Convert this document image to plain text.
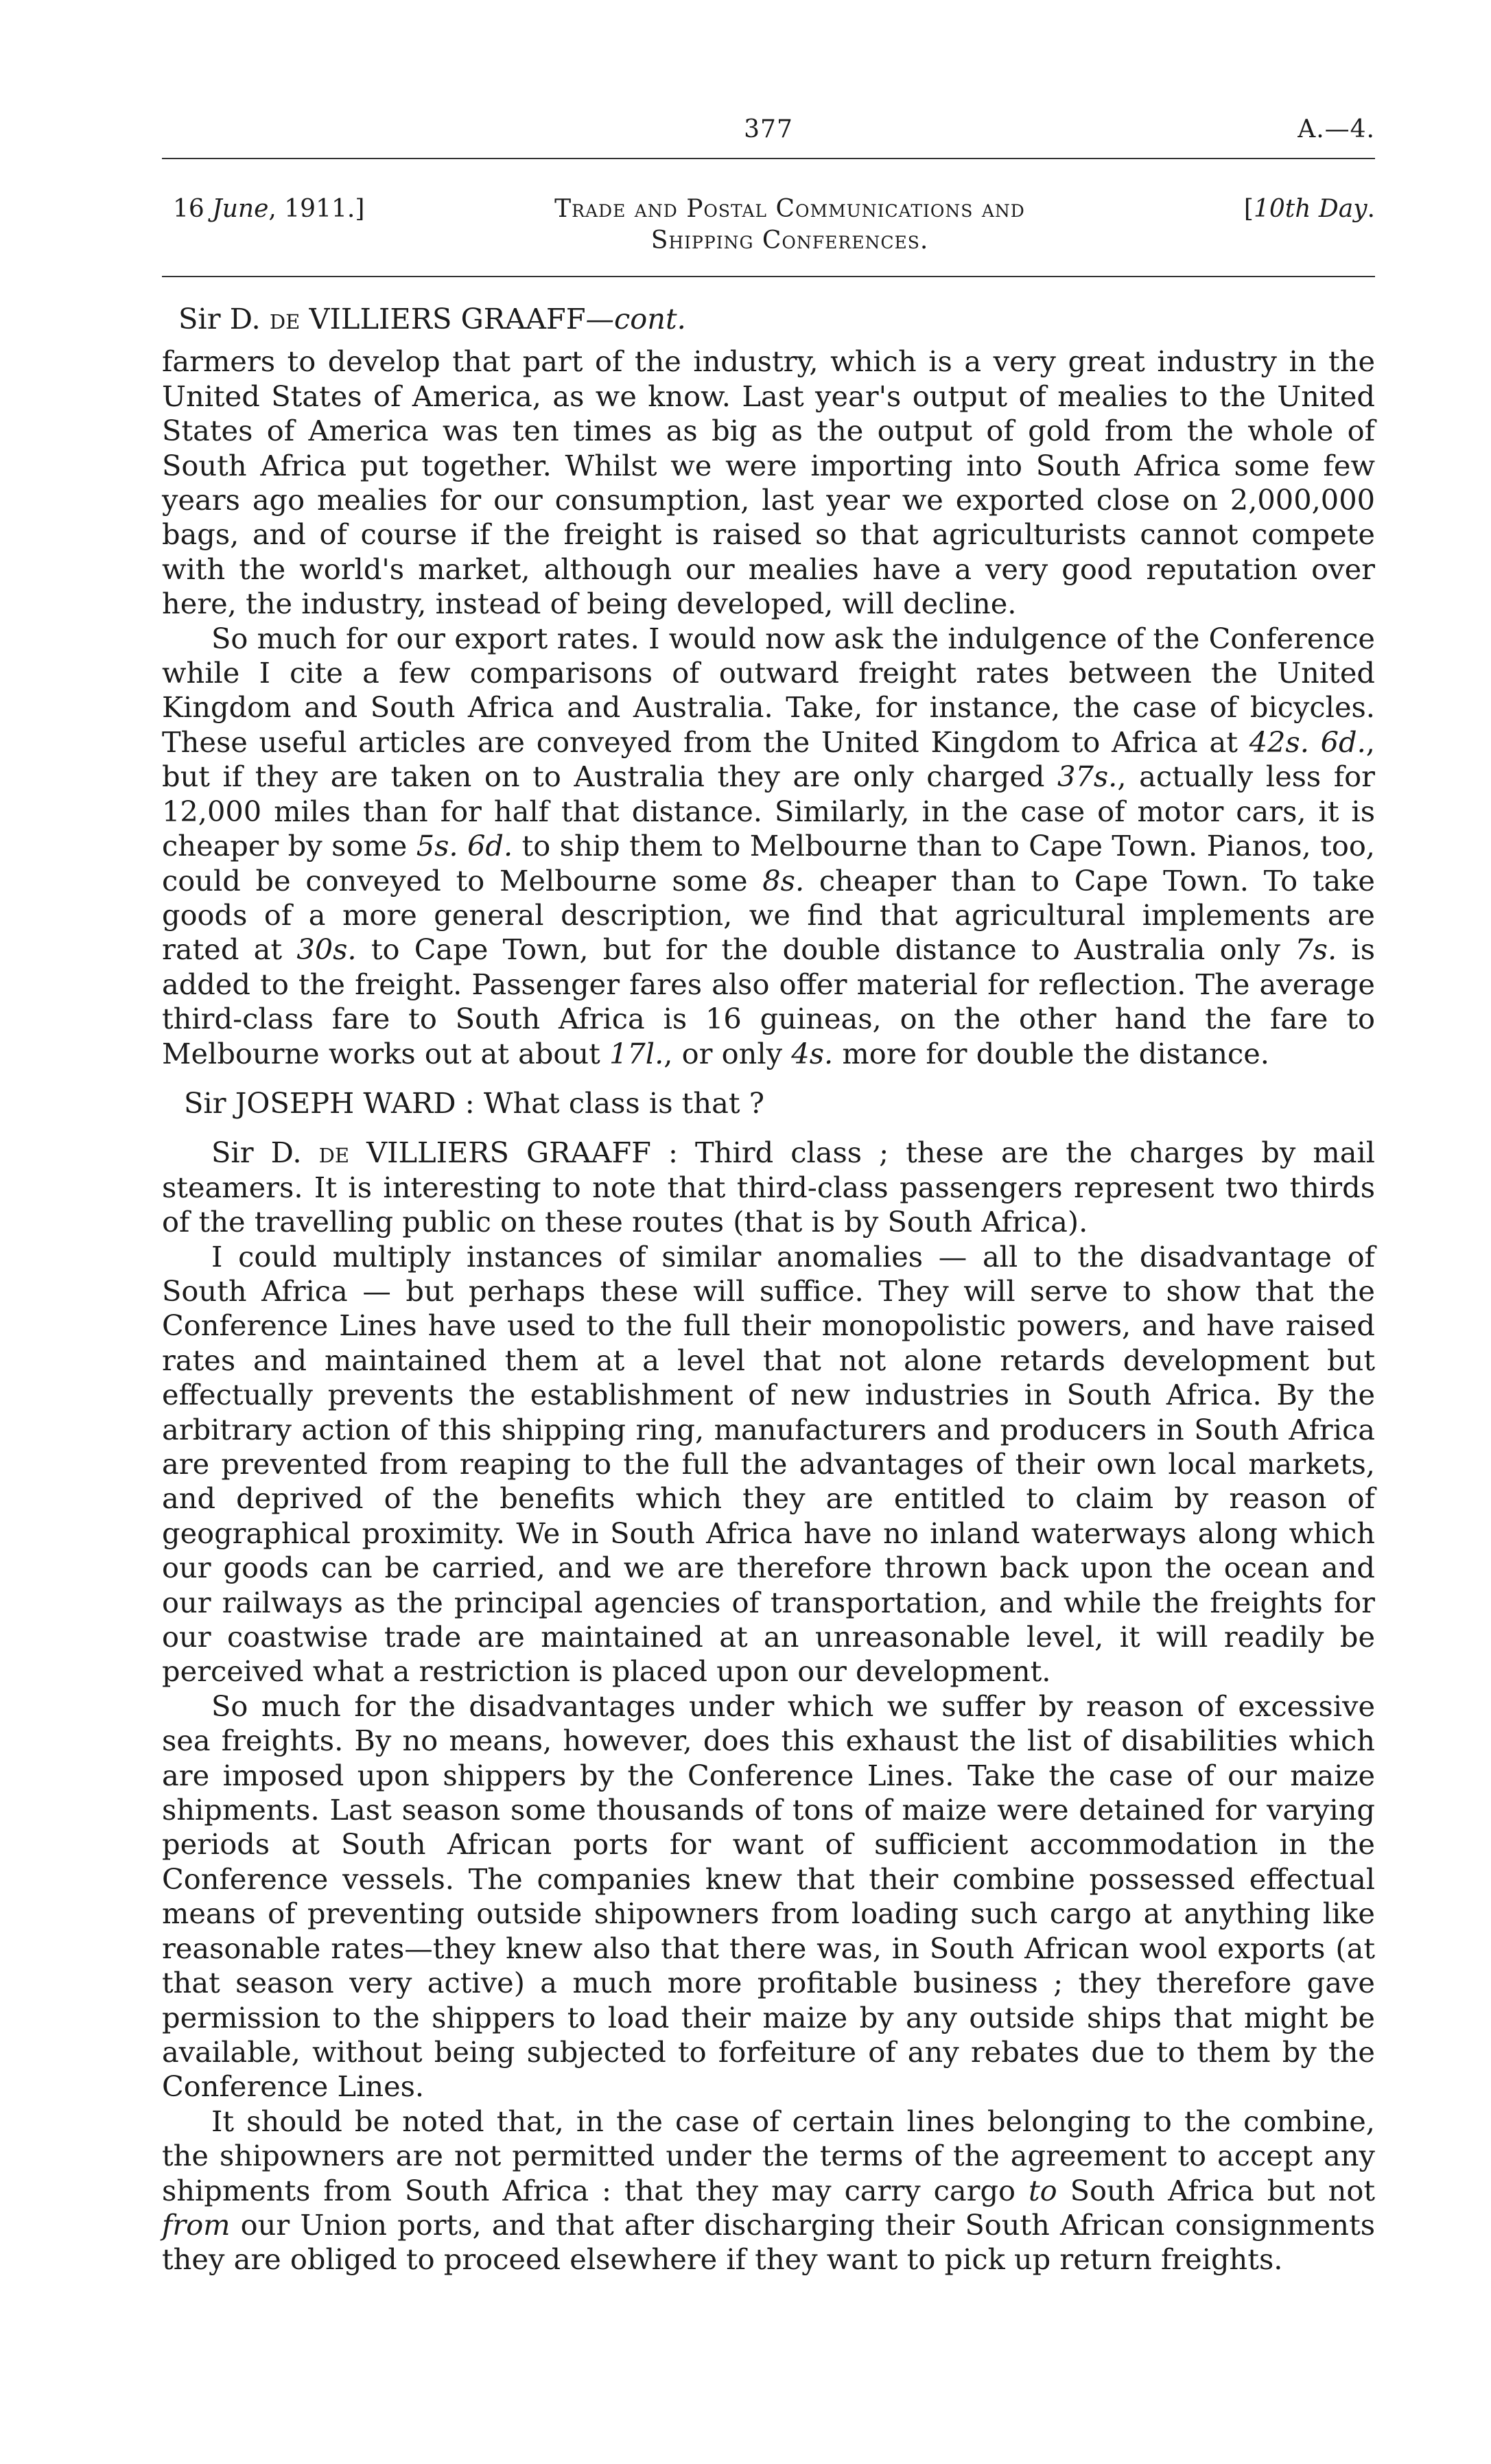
377	A.—4.
16 June, 1911.]	Trade and Postal Communications and
Shipping Conferences.
[10th Day.
Sir D. de VILLIERS GRAAFF—cont.

farmers to develop that part of the industry, which is a very great industry in the United States of America, as we know. Last year's output of mealies to the United States of America was ten times as big as the output of gold from the whole of South Africa put together. Whilst we were importing into South Africa some few years ago mealies for our consumption, last year we exported close on 2,000,000 bags, and of course if the freight is raised so that agriculturists cannot compete with the world's market, although our mealies have a very good reputation over here, the industry, instead of being developed, will decline.

So much for our export rates. I would now ask the indulgence of the Conference while I cite a few comparisons of outward freight rates between the United Kingdom and South Africa and Australia. Take, for instance, the case of bicycles. These useful articles are conveyed from the United Kingdom to Africa at 42s. 6d., but if they are taken on to Australia they are only charged 37s., actually less for 12,000 miles than for half that distance. Similarly, in the case of motor cars, it is cheaper by some 5s. 6d. to ship them to Melbourne than to Cape Town. Pianos, too, could be conveyed to Melbourne some 8s. cheaper than to Cape Town. To take goods of a more general description, we find that agricultural implements are rated at 30s. to Cape Town, but for the double distance to Australia only 7s. is added to the freight. Passenger fares also offer material for reflection. The average third-class fare to South Africa is 16 guineas, on the other hand the fare to Melbourne works out at about 17l., or only 4s. more for double the distance.

Sir JOSEPH WARD : What class is that ?

Sir D. de VILLIERS GRAAFF : Third class ; these are the charges by mail steamers. It is interesting to note that third-class passengers represent two thirds of the travelling public on these routes (that is by South Africa).

I could multiply instances of similar anomalies — all to the disadvantage of South Africa — but perhaps these will suffice. They will serve to show that the Conference Lines have used to the full their monopolistic powers, and have raised rates and maintained them at a level that not alone retards development but effectually prevents the establishment of new industries in South Africa. By the arbitrary action of this shipping ring, manufacturers and producers in South Africa are prevented from reaping to the full the advantages of their own local markets, and deprived of the benefits which they are entitled to claim by reason of geographical proximity. We in South Africa have no inland waterways along which our goods can be carried, and we are therefore thrown back upon the ocean and our railways as the principal agencies of transportation, and while the freights for our coastwise trade are maintained at an unreasonable level, it will readily be perceived what a restriction is placed upon our development.

So much for the disadvantages under which we suffer by reason of excessive sea freights. By no means, however, does this exhaust the list of disabilities which are imposed upon shippers by the Conference Lines. Take the case of our maize shipments. Last season some thousands of tons of maize were detained for varying periods at South African ports for want of sufficient accommodation in the Conference vessels. The companies knew that their combine possessed effectual means of preventing outside shipowners from loading such cargo at anything like reasonable rates—they knew also that there was, in South African wool exports (at that season very active) a much more profitable business ; they therefore gave permission to the shippers to load their maize by any outside ships that might be available, without being subjected to forfeiture of any rebates due to them by the Conference Lines.

It should be noted that, in the case of certain lines belonging to the combine, the shipowners are not permitted under the terms of the agreement to accept any shipments from South Africa : that they may carry cargo to South Africa but not from our Union ports, and that after discharging their South African consignments they are obliged to proceed elsewhere if they want to pick up return freights.
